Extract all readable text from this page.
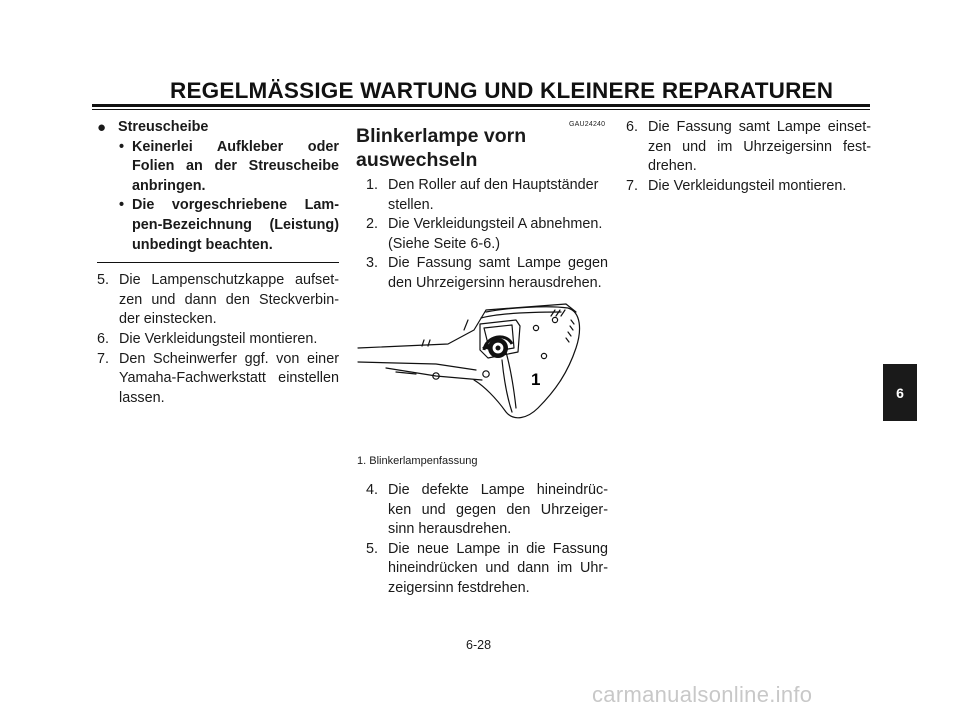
REGELMÄSSIGE WARTUNG UND KLEINERE REPARATUREN
● Streuscheibe
• Keinerlei Aufkleber oder
Folien an der Streuscheibe
anbringen.
• Die vorgeschriebene Lam-
pen-Bezeichnung (Leistung)
unbedingt beachten.
5. Die Lampenschutzkappe aufset-
zen und dann den Steckverbin-
der einstecken.
6. Die Verkleidungsteil montieren.
7. Den Scheinwerfer ggf. von einer
Yamaha-Fachwerkstatt einstellen
lassen.
GAU24240
Blinkerlampe vorn
auswechseln
1. Den Roller auf den Hauptständer
stellen.
2. Die Verkleidungsteil A abnehmen.
(Siehe Seite 6-6.)
3. Die Fassung samt Lampe gegen
den Uhrzeigersinn herausdrehen.
1
1. Blinkerlampenfassung
4. Die defekte Lampe hineindrüc-
ken und gegen den Uhrzeiger-
sinn herausdrehen.
5. Die neue Lampe in die Fassung
hineindrücken und dann im Uhr-
zeigersinn festdrehen.
6. Die Fassung samt Lampe einset-
zen und im Uhrzeigersinn fest-
drehen.
7. Die Verkleidungsteil montieren.
6-28
6
carmanualsonline.info
